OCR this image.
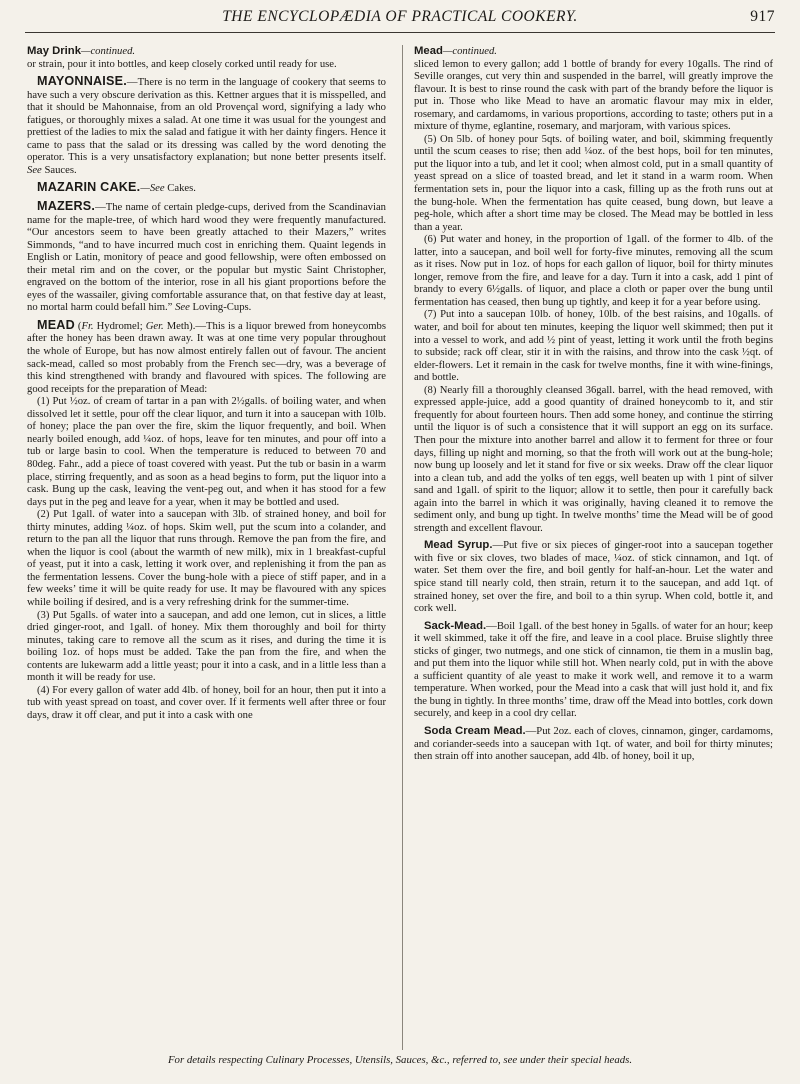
THE ENCYCLOPÆDIA OF PRACTICAL COOKERY.	917

May Drink—continued.
or strain, pour it into bottles, and keep closely corked until ready for use.

MAYONNAISE.—There is no term in the language of cookery that seems to have such a very obscure derivation as this. Kettner argues that it is misspelled, and that it should be Mahonnaise, from an old Provençal word, signifying a lady who fatigues, or thoroughly mixes a salad. At one time it was usual for the youngest and prettiest of the ladies to mix the salad and fatigue it with her dainty fingers. Hence it came to pass that the salad or its dressing was called by the word denoting the operator. This is a very unsatisfactory explanation; but none better presents itself. See Sauces.

MAZARIN CAKE.—See Cakes.

MAZERS.—The name of certain pledge-cups, derived from the Scandinavian name for the maple-tree, of which hard wood they were frequently manufactured. “Our ancestors seem to have been greatly attached to their Mazers,” writes Simmonds, “and to have incurred much cost in enriching them. Quaint legends in English or Latin, monitory of peace and good fellowship, were often embossed on their metal rim and on the cover, or the popular but mystic Saint Christopher, engraved on the bottom of the interior, rose in all his giant proportions before the eyes of the wassailer, giving comfortable assurance that, on that festive day at least, no mortal harm could befall him.” See Loving-Cups.

MEAD (Fr. Hydromel; Ger. Meth).—This is a liquor brewed from honeycombs after the honey has been drawn away. It was at one time very popular throughout the whole of Europe, but has now almost entirely fallen out of favour. The ancient sack-mead, called so most probably from the French sec—dry, was a beverage of this kind strengthened with brandy and flavoured with spices. The following are good receipts for the preparation of Mead:

(1) Put ½oz. of cream of tartar in a pan with 2½galls. of boiling water, and when dissolved let it settle, pour off the clear liquor, and turn it into a saucepan with 10lb. of honey; place the pan over the fire, skim the liquor frequently, and boil. When nearly boiled enough, add ¼oz. of hops, leave for ten minutes, and pour off into a tub or large basin to cool. When the temperature is reduced to between 70 and 80deg. Fahr., add a piece of toast covered with yeast. Put the tub or basin in a warm place, stirring frequently, and as soon as a head begins to form, put the liquor into a cask. Bung up the cask, leaving the vent-peg out, and when it has stood for a few days put in the peg and leave for a year, when it may be bottled and used.

(2) Put 1gall. of water into a saucepan with 3lb. of strained honey, and boil for thirty minutes, adding ¼oz. of hops. Skim well, put the scum into a colander, and return to the pan all the liquor that runs through. Remove the pan from the fire, and when the liquor is cool (about the warmth of new milk), mix in 1 breakfast-cupful of yeast, put it into a cask, letting it work over, and replenishing it from the pan as the fermentation lessens. Cover the bung-hole with a piece of stiff paper, and in a few weeks’ time it will be quite ready for use. It may be flavoured with any spices while boiling if desired, and is a very refreshing drink for the summer-time.

(3) Put 5galls. of water into a saucepan, and add one lemon, cut in slices, a little dried ginger-root, and 1gall. of honey. Mix them thoroughly and boil for thirty minutes, taking care to remove all the scum as it rises, and during the time it is boiling 1oz. of hops must be added. Take the pan from the fire, and when the contents are lukewarm add a little yeast; pour it into a cask, and in a little less than a month it will be ready for use.

(4) For every gallon of water add 4lb. of honey, boil for an hour, then put it into a tub with yeast spread on toast, and cover over. If it ferments well after three or four days, draw it off clear, and put it into a cask with one

Mead—continued.
sliced lemon to every gallon; add 1 bottle of brandy for every 10galls. The rind of Seville oranges, cut very thin and suspended in the barrel, will greatly improve the flavour. It is best to rinse round the cask with part of the brandy before the liquor is put in. Those who like Mead to have an aromatic flavour may mix in elder, rosemary, and cardamoms, in various proportions, according to taste; others put in a mixture of thyme, eglantine, rosemary, and marjoram, with various spices.

(5) On 5lb. of honey pour 5qts. of boiling water, and boil, skimming frequently until the scum ceases to rise; then add ¼oz. of the best hops, boil for ten minutes, put the liquor into a tub, and let it cool; when almost cold, put in a small quantity of yeast spread on a slice of toasted bread, and let it stand in a warm room. When fermentation sets in, pour the liquor into a cask, filling up as the froth runs out at the bung-hole. When the fermentation has quite ceased, bung down, but leave a peg-hole, which after a short time may be closed. The Mead may be bottled in less than a year.

(6) Put water and honey, in the proportion of 1gall. of the former to 4lb. of the latter, into a saucepan, and boil well for forty-five minutes, removing all the scum as it rises. Now put in 1oz. of hops for each gallon of liquor, boil for thirty minutes longer, remove from the fire, and leave for a day. Turn it into a cask, add 1 pint of brandy to every 6½galls. of liquor, and place a cloth or paper over the bung until fermentation has ceased, then bung up tightly, and keep it for a year before using.

(7) Put into a saucepan 10lb. of honey, 10lb. of the best raisins, and 10galls. of water, and boil for about ten minutes, keeping the liquor well skimmed; then put it into a vessel to work, and add ½ pint of yeast, letting it work until the froth begins to subside; rack off clear, stir it in with the raisins, and throw into the cask ½qt. of elder-flowers. Let it remain in the cask for twelve months, fine it with wine-finings, and bottle.

(8) Nearly fill a thoroughly cleansed 36gall. barrel, with the head removed, with expressed apple-juice, add a good quantity of drained honeycomb to it, and stir frequently for about fourteen hours. Then add some honey, and continue the stirring until the liquor is of such a consistence that it will support an egg on its surface. Then pour the mixture into another barrel and allow it to ferment for three or four days, filling up night and morning, so that the froth will work out at the bung-hole; now bung up loosely and let it stand for five or six weeks. Draw off the clear liquor into a clean tub, and add the yolks of ten eggs, well beaten up with 1 pint of silver sand and 1gall. of spirit to the liquor; allow it to settle, then pour it carefully back again into the barrel in which it was originally, having cleaned it to remove the sediment only, and bung up tight. In twelve months’ time the Mead will be of good strength and excellent flavour.

Mead Syrup.—Put five or six pieces of ginger-root into a saucepan together with five or six cloves, two blades of mace, ¼oz. of stick cinnamon, and 1qt. of water. Set them over the fire, and boil gently for half-an-hour. Let the water and spice stand till nearly cold, then strain, return it to the saucepan, and add 1qt. of strained honey, set over the fire, and boil to a thin syrup. When cold, bottle it, and cork well.

Sack-Mead.—Boil 1gall. of the best honey in 5galls. of water for an hour; keep it well skimmed, take it off the fire, and leave in a cool place. Bruise slightly three sticks of ginger, two nutmegs, and one stick of cinnamon, tie them in a muslin bag, and put them into the liquor while still hot. When nearly cold, put in with the above a sufficient quantity of ale yeast to make it work well, and remove it to a warm temperature. When worked, pour the Mead into a cask that will just hold it, and fix the bung in tightly. In three months’ time, draw off the Mead into bottles, cork down securely, and keep in a cool dry cellar.

Soda Cream Mead.—Put 2oz. each of cloves, cinnamon, ginger, cardamoms, and coriander-seeds into a saucepan with 1qt. of water, and boil for thirty minutes; then strain off into another saucepan, add 4lb. of honey, boil it up,

For details respecting Culinary Processes, Utensils, Sauces, &c., referred to, see under their special heads.
